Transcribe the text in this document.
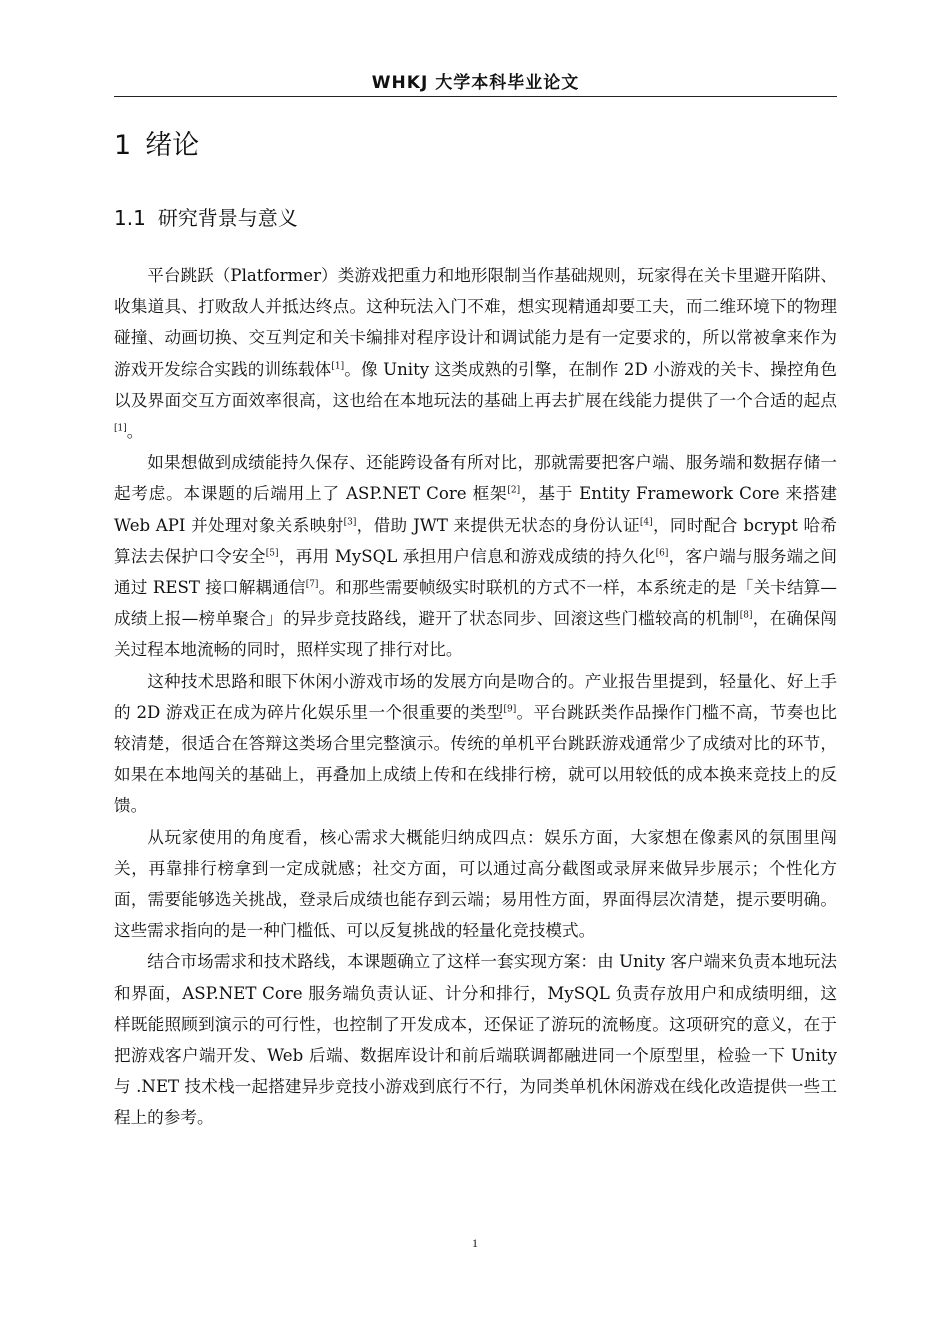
WHKJ 大学本科毕业论文
1 绪论
1.1 研究背景与意义

平台跳跃（Platformer）类游戏把重力和地形限制当作基础规则，玩家得在关卡里避开陷阱、收集道具、打败敌人并抵达终点。这种玩法入门不难，想实现精通却要工夫，而二维环境下的物理碰撞、动画切换、交互判定和关卡编排对程序设计和调试能力是有一定要求的，所以常被拿来作为游戏开发综合实践的训练载体[1]。像 Unity 这类成熟的引擎，在制作 2D 小游戏的关卡、操控角色以及界面交互方面效率很高，这也给在本地玩法的基础上再去扩展在线能力提供了一个合适的起点[1]。

如果想做到成绩能持久保存、还能跨设备有所对比，那就需要把客户端、服务端和数据存储一起考虑。本课题的后端用上了 ASP.NET Core 框架[2]，基于 Entity Framework Core 来搭建 Web API 并处理对象关系映射[3]，借助 JWT 来提供无状态的身份认证[4]，同时配合 bcrypt 哈希算法去保护口令安全[5]，再用 MySQL 承担用户信息和游戏成绩的持久化[6]，客户端与服务端之间通过 REST 接口解耦通信[7]。和那些需要帧级实时联机的方式不一样，本系统走的是「关卡结算—成绩上报—榜单聚合」的异步竞技路线，避开了状态同步、回滚这些门槛较高的机制[8]，在确保闯关过程本地流畅的同时，照样实现了排行对比。

这种技术思路和眼下休闲小游戏市场的发展方向是吻合的。产业报告里提到，轻量化、好上手的 2D 游戏正在成为碎片化娱乐里一个很重要的类型[9]。平台跳跃类作品操作门槛不高，节奏也比较清楚，很适合在答辩这类场合里完整演示。传统的单机平台跳跃游戏通常少了成绩对比的环节，如果在本地闯关的基础上，再叠加上成绩上传和在线排行榜，就可以用较低的成本换来竞技上的反馈。

从玩家使用的角度看，核心需求大概能归纳成四点：娱乐方面，大家想在像素风的氛围里闯关，再靠排行榜拿到一定成就感；社交方面，可以通过高分截图或录屏来做异步展示；个性化方面，需要能够选关挑战，登录后成绩也能存到云端；易用性方面，界面得层次清楚，提示要明确。这些需求指向的是一种门槛低、可以反复挑战的轻量化竞技模式。

结合市场需求和技术路线，本课题确立了这样一套实现方案：由 Unity 客户端来负责本地玩法和界面，ASP.NET Core 服务端负责认证、计分和排行，MySQL 负责存放用户和成绩明细，这样既能照顾到演示的可行性，也控制了开发成本，还保证了游玩的流畅度。这项研究的意义，在于把游戏客户端开发、Web 后端、数据库设计和前后端联调都融进同一个原型里，检验一下 Unity 与 .NET 技术栈一起搭建异步竞技小游戏到底行不行，为同类单机休闲游戏在线化改造提供一些工程上的参考。

1
